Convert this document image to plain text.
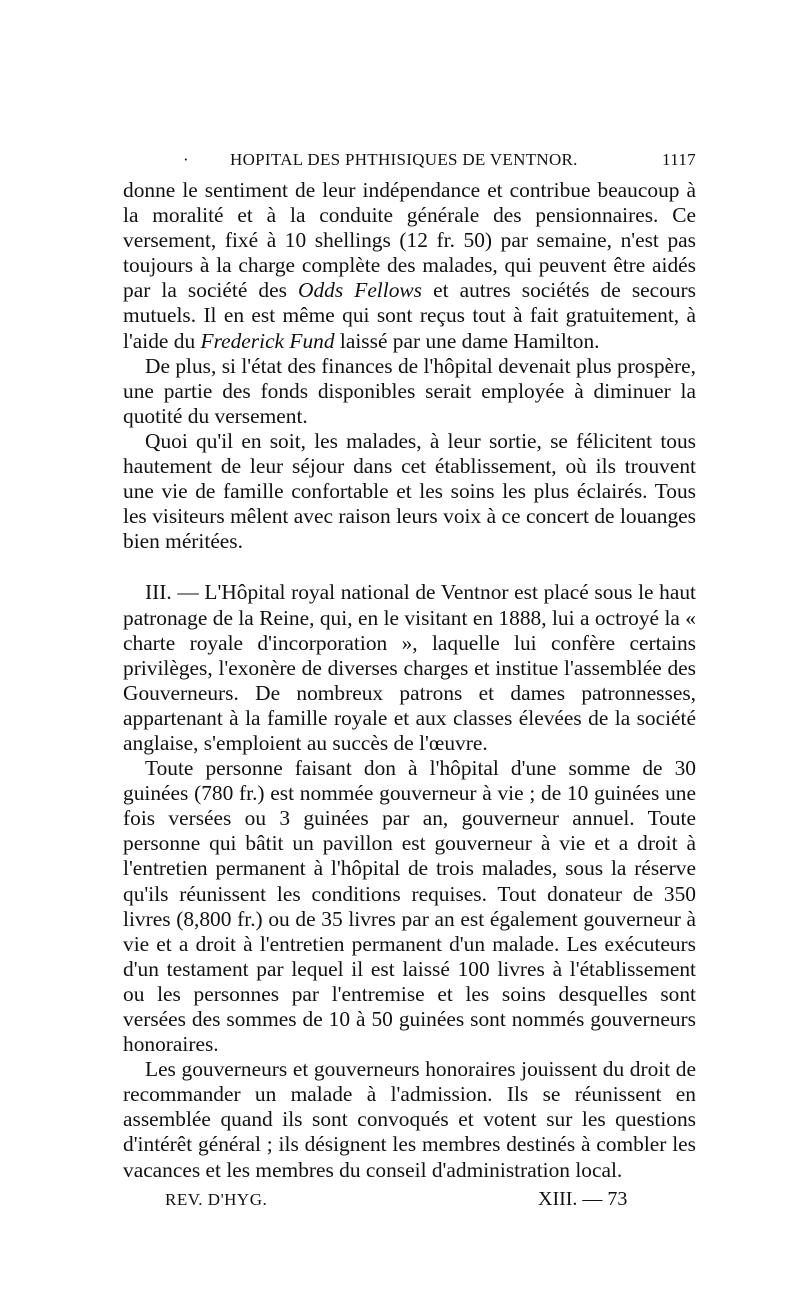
· HOPITAL DES PHTHISIQUES DE VENTNOR.	1117

donne le sentiment de leur indépendance et contribue beaucoup à la moralité et à la conduite générale des pensionnaires. Ce versement, fixé à 10 shellings (12 fr. 50) par semaine, n'est pas toujours à la charge complète des malades, qui peuvent être aidés par la société des Odds Fellows et autres sociétés de secours mutuels. Il en est même qui sont reçus tout à fait gratuitement, à l'aide du Frederick Fund laissé par une dame Hamilton.

De plus, si l'état des finances de l'hôpital devenait plus prospère, une partie des fonds disponibles serait employée à diminuer la quotité du versement.

Quoi qu'il en soit, les malades, à leur sortie, se félicitent tous hautement de leur séjour dans cet établissement, où ils trouvent une vie de famille confortable et les soins les plus éclairés. Tous les visiteurs mêlent avec raison leurs voix à ce concert de louanges bien méritées.

III. — L'Hôpital royal national de Ventnor est placé sous le haut patronage de la Reine, qui, en le visitant en 1888, lui a octroyé la « charte royale d'incorporation », laquelle lui confère certains privilèges, l'exonère de diverses charges et institue l'assemblée des Gouverneurs. De nombreux patrons et dames patronnesses, appartenant à la famille royale et aux classes élevées de la société anglaise, s'emploient au succès de l'œuvre.

Toute personne faisant don à l'hôpital d'une somme de 30 guinées (780 fr.) est nommée gouverneur à vie ; de 10 guinées une fois versées ou 3 guinées par an, gouverneur annuel. Toute personne qui bâtit un pavillon est gouverneur à vie et a droit à l'entretien permanent à l'hôpital de trois malades, sous la réserve qu'ils réunissent les conditions requises. Tout donateur de 350 livres (8,800 fr.) ou de 35 livres par an est également gouverneur à vie et a droit à l'entretien permanent d'un malade. Les exécuteurs d'un testament par lequel il est laissé 100 livres à l'établissement ou les personnes par l'entremise et les soins desquelles sont versées des sommes de 10 à 50 guinées sont nommés gouverneurs honoraires.

Les gouverneurs et gouverneurs honoraires jouissent du droit de recommander un malade à l'admission. Ils se réunissent en assemblée quand ils sont convoqués et votent sur les questions d'intérêt général ; ils désignent les membres destinés à combler les vacances et les membres du conseil d'administration local.

REV. D'HYG.	XIII. — 73
